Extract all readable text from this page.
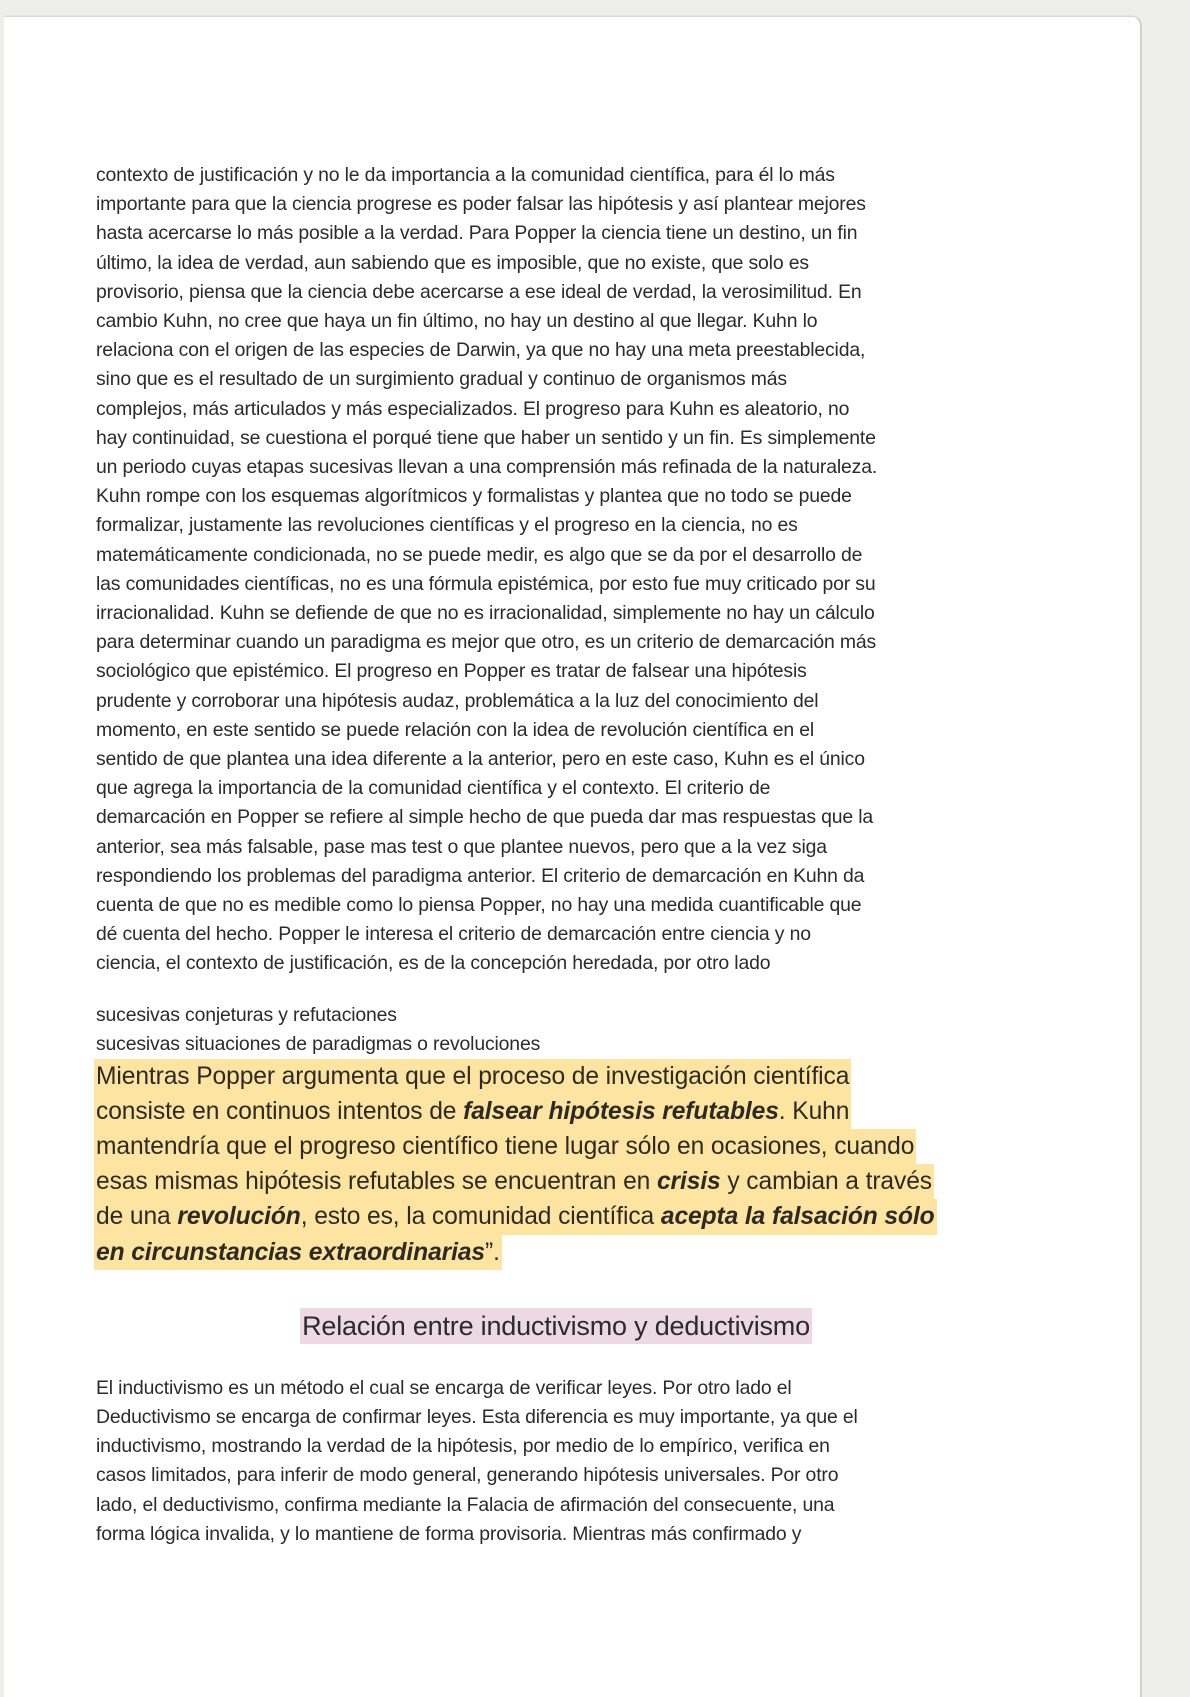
contexto de justificación y no le da importancia a la comunidad científica, para él lo más
importante para que la ciencia progrese es poder falsar las hipótesis y así plantear mejores
hasta acercarse lo más posible a la verdad. Para Popper la ciencia tiene un destino, un fin
último, la idea de verdad, aun sabiendo que es imposible, que no existe, que solo es
provisorio, piensa que la ciencia debe acercarse a ese ideal de verdad, la verosimilitud. En
cambio Kuhn, no cree que haya un fin último, no hay un destino al que llegar. Kuhn lo
relaciona con el origen de las especies de Darwin, ya que no hay una meta preestablecida,
sino que es el resultado de un surgimiento gradual y continuo de organismos más
complejos, más articulados y más especializados. El progreso para Kuhn es aleatorio, no
hay continuidad, se cuestiona el porqué tiene que haber un sentido y un fin. Es simplemente
un periodo cuyas etapas sucesivas llevan a una comprensión más refinada de la naturaleza.
Kuhn rompe con los esquemas algorítmicos y formalistas y plantea que no todo se puede
formalizar, justamente las revoluciones científicas y el progreso en la ciencia, no es
matemáticamente condicionada, no se puede medir, es algo que se da por el desarrollo de
las comunidades científicas, no es una fórmula epistémica, por esto fue muy criticado por su
irracionalidad. Kuhn se defiende de que no es irracionalidad, simplemente no hay un cálculo
para determinar cuando un paradigma es mejor que otro, es un criterio de demarcación más
sociológico que epistémico. El progreso en Popper es tratar de falsear una hipótesis
prudente y corroborar una hipótesis audaz, problemática a la luz del conocimiento del
momento, en este sentido se puede relación con la idea de revolución científica en el
sentido de que plantea una idea diferente a la anterior, pero en este caso, Kuhn es el único
que agrega la importancia de la comunidad científica y el contexto. El criterio de
demarcación en Popper se refiere al simple hecho de que pueda dar mas respuestas que la
anterior, sea más falsable, pase mas test o que plantee nuevos, pero que a la vez siga
respondiendo los problemas del paradigma anterior. El criterio de demarcación en Kuhn da
cuenta de que no es medible como lo piensa Popper, no hay una medida cuantificable que
dé cuenta del hecho. Popper le interesa el criterio de demarcación entre ciencia y no
ciencia, el contexto de justificación, es de la concepción heredada, por otro lado

sucesivas conjeturas y refutaciones
sucesivas situaciones de paradigmas o revoluciones
Mientras Popper argumenta que el proceso de investigación científica
consiste en continuos intentos de falsear hipótesis refutables. Kuhn
mantendría que el progreso científico tiene lugar sólo en ocasiones, cuando
esas mismas hipótesis refutables se encuentran en crisis y cambian a través
de una revolución, esto es, la comunidad científica acepta la falsación sólo
en circunstancias extraordinarias”.
Relación entre inductivismo y deductivismo

El inductivismo es un método el cual se encarga de verificar leyes. Por otro lado el
Deductivismo se encarga de confirmar leyes. Esta diferencia es muy importante, ya que el
inductivismo, mostrando la verdad de la hipótesis, por medio de lo empírico, verifica en
casos limitados, para inferir de modo general, generando hipótesis universales. Por otro
lado, el deductivismo, confirma mediante la Falacia de afirmación del consecuente, una
forma lógica invalida, y lo mantiene de forma provisoria. Mientras más confirmado y
